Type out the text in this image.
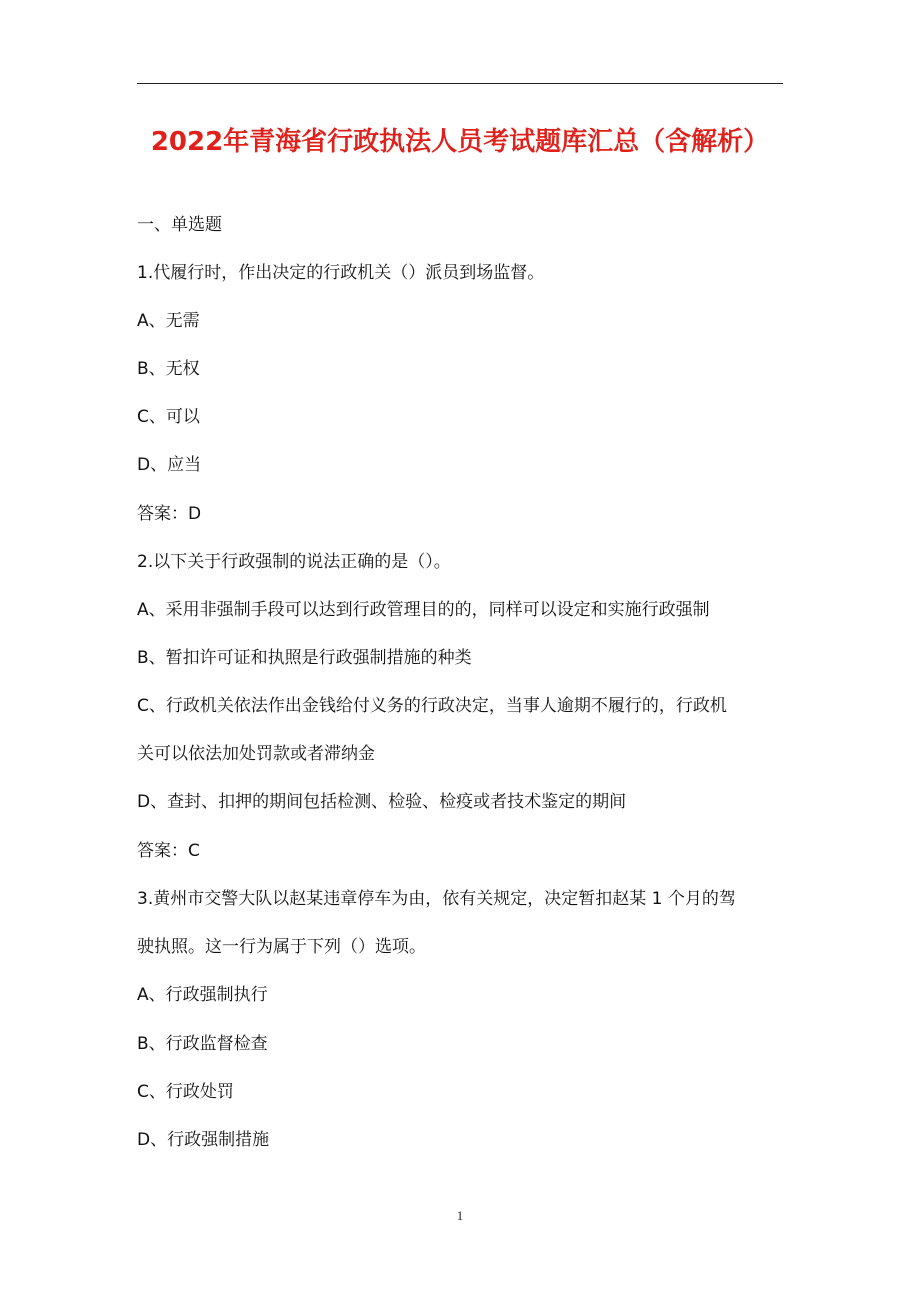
2022年青海省行政执法人员考试题库汇总（含解析）
一、单选题
1.代履行时，作出决定的行政机关（）派员到场监督。
A、无需
B、无权
C、可以
D、应当
答案：D
2.以下关于行政强制的说法正确的是（）。
A、采用非强制手段可以达到行政管理目的的，同样可以设定和实施行政强制
B、暂扣许可证和执照是行政强制措施的种类
C、行政机关依法作出金钱给付义务的行政决定，当事人逾期不履行的，行政机
关可以依法加处罚款或者滞纳金
D、查封、扣押的期间包括检测、检验、检疫或者技术鉴定的期间
答案：C
3.黄州市交警大队以赵某违章停车为由，依有关规定，决定暂扣赵某 1 个月的驾
驶执照。这一行为属于下列（）选项。
A、行政强制执行
B、行政监督检查
C、行政处罚
D、行政强制措施
1
